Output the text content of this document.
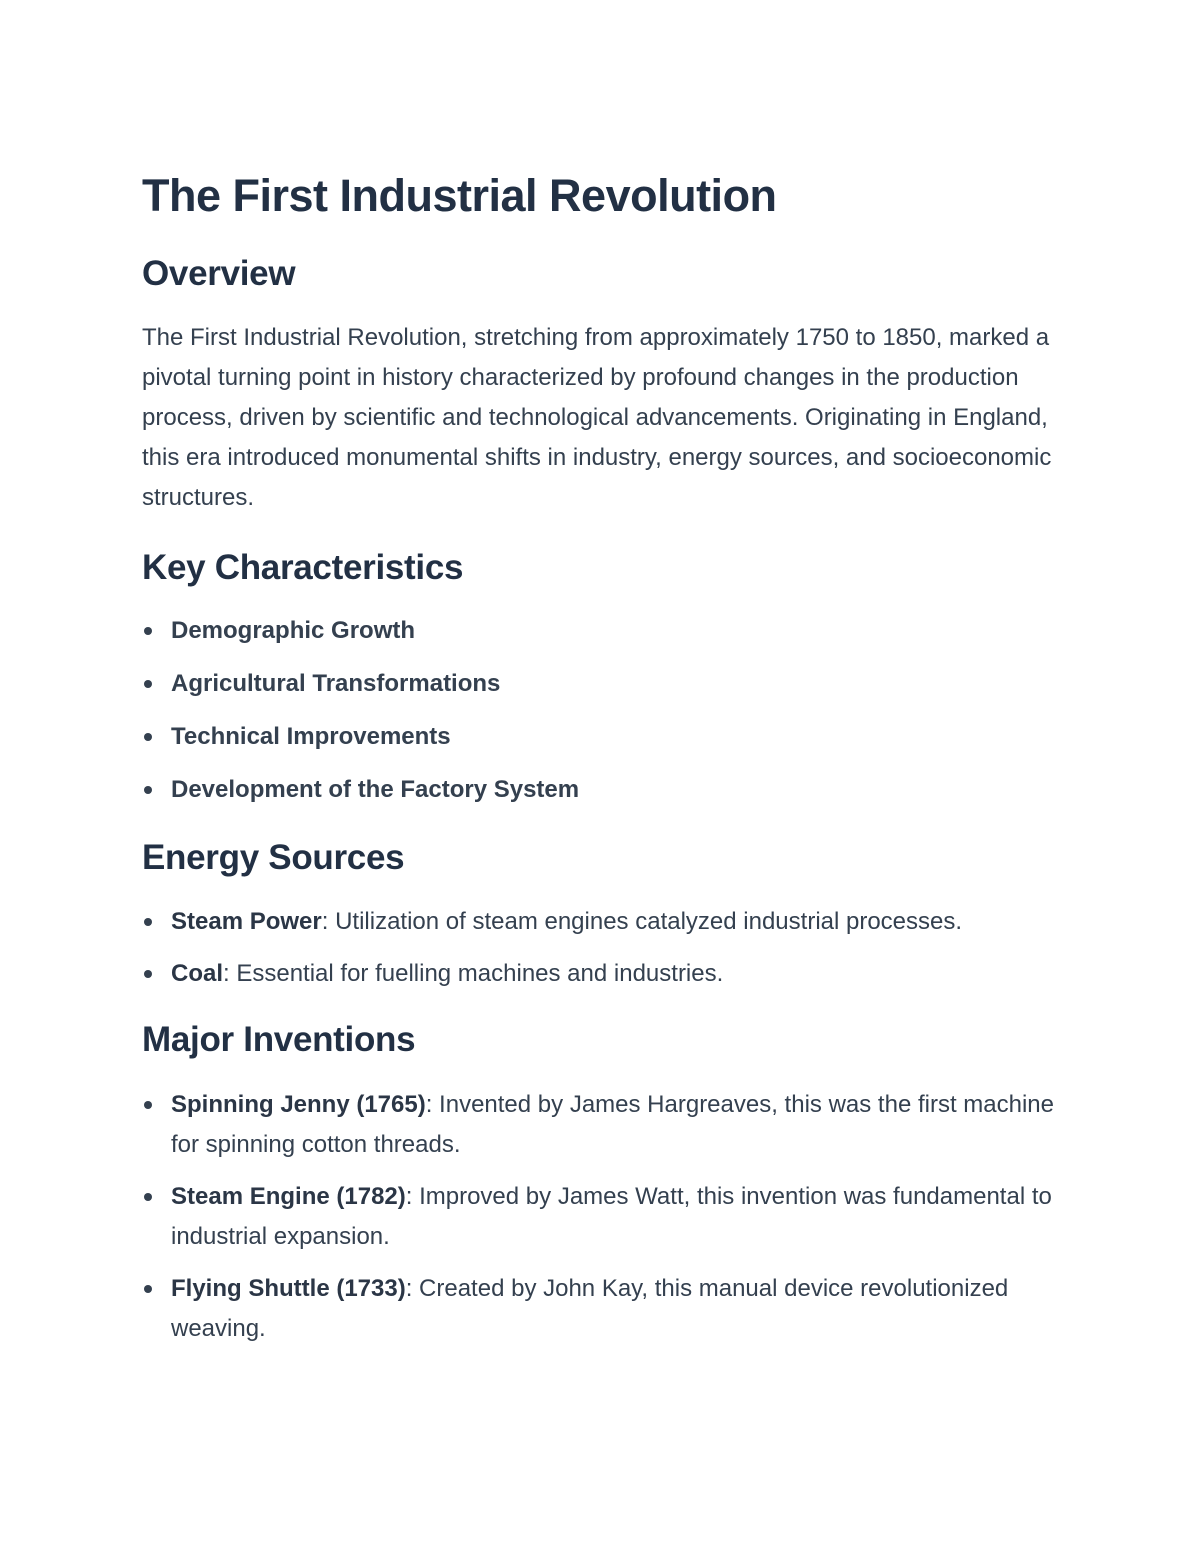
The First Industrial Revolution
Overview

The First Industrial Revolution, stretching from approximately 1750 to 1850, marked a pivotal turning point in history characterized by profound changes in the production process, driven by scientific and technological advancements. Originating in England, this era introduced monumental shifts in industry, energy sources, and socioeconomic structures.

Key Characteristics
Demographic Growth
Agricultural Transformations
Technical Improvements
Development of the Factory System
Energy Sources
Steam Power: Utilization of steam engines catalyzed industrial processes.
Coal: Essential for fuelling machines and industries.
Major Inventions
Spinning Jenny (1765): Invented by James Hargreaves, this was the first machine for spinning cotton threads.
Steam Engine (1782): Improved by James Watt, this invention was fundamental to industrial expansion.
Flying Shuttle (1733): Created by John Kay, this manual device revolutionized weaving.
